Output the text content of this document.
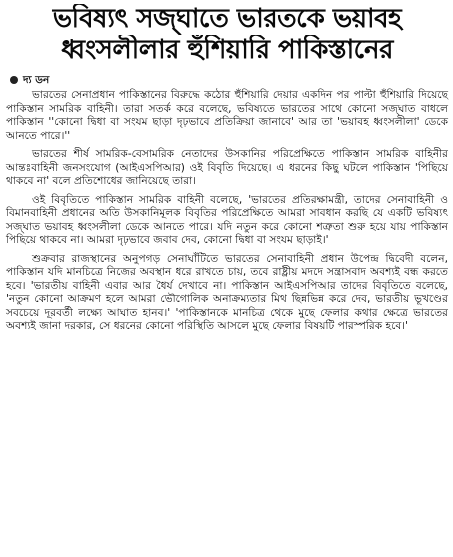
ভবিষ্যৎ সজ্ঘাতে ভারতকে ভয়াবহ
ধ্বংসলীলার হুঁশিয়ারি পাকিস্তানের
দ্য ডন

ভারতের সেনাপ্রধান পাকিস্তানের বিরুদ্ধে কঠোর হুঁশিয়ারি দেয়ার একদিন পর পাল্টা হুঁশিয়ারি দিয়েছে পাকিস্তান সামরিক বাহিনী। তারা সতর্ক করে বলেছে, ভবিষ্যতে ভারতের সাথে কোনো সজ্ঘাত বাধলে পাকিস্তান ''কোনো দ্বিধা বা সংযম ছাড়া দৃঢ়ভাবে প্রতিক্রিয়া জানাবে' আর তা 'ভয়াবহ ধ্বংসলীলা' ডেকে আনতে পারে।''

ভারতের শীর্ষ সামরিক-বেসামরিক নেতাদের উসকানির পরিপ্রেক্ষিতে পাকিস্তান সামরিক বাহিনীর আন্তঃবাহিনী জনসংযোগ (আইএসপিআর) ওই বিবৃতি দিয়েছে। এ ধরনের কিছু ঘটলে পাকিস্তান 'পিছিয়ে থাকবে না' বলে প্রতিশোধের জানিয়েছে তারা।

ওই বিবৃতিতে পাকিস্তান সামরিক বাহিনী বলেছে, 'ভারতের প্রতিরক্ষামন্ত্রী, তাদের সেনাবাহিনী ও বিমানবাহিনী প্রধানের অতি উসকানিমূলক বিবৃতির পরিপ্রেক্ষিতে আমরা সাবধান করছি যে একটি ভবিষ্যৎ সজ্ঘাত ভয়াবহ ধ্বংসলীলা ডেকে আনতে পারে। যদি নতুন করে কোনো শত্রুতা শুরু হয়ে যায় পাকিস্তান পিছিয়ে থাকবে না। আমরা দৃঢ়ভাবে জবাব দেব, কোনো দ্বিধা বা সংযম ছাড়াই।'

শুক্রবার রাজস্থানের অনুপগড় সেনাঘাঁটিতে ভারতের সেনাবাহিনী প্রধান উপেন্দ্র দ্বিবেদী বলেন, পাকিস্তান যদি মানচিত্রে নিজের অবস্থান ধরে রাখতে চায়, তবে রাষ্ট্রীয় মদদে সন্ত্রাসবাদ অবশ্যই বন্ধ করতে হবে। 'ভারতীয় বাহিনী এবার আর ধৈর্য দেখাবে না। পাকিস্তান আইএসপিআর তাদের বিবৃতিতে বলেছে, 'নতুন কোনো আক্রমণ হলে আমরা ভৌগোলিক অনাক্রম্যতার মিথ ছিন্নভিন্ন করে দেব, ভারতীয় ভূখণ্ডের সবচেয়ে দূরবর্তী লক্ষ্যে আঘাত হানব।' 'পাকিস্তানকে মানচিত্র থেকে মুছে ফেলার কথার ক্ষেত্রে ভারতের অবশ্যই জানা দরকার, সে ধরনের কোনো পরিস্থিতি আসলে মুছে ফেলার বিষয়টি পারস্পরিক হবে।'
